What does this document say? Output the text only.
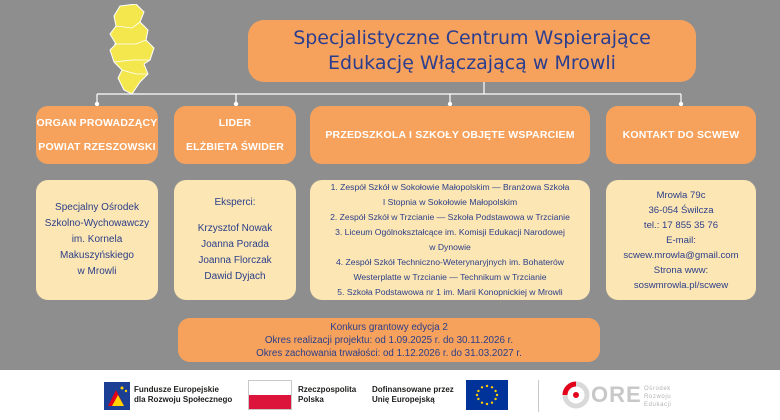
Specjalistyczne Centrum Wspierające
Edukację Włączającą w Mrowli
ORGAN PROWADZĄCY
POWIAT RZESZOWSKI
Specjalny Ośrodek
Szkolno-Wychowawczy
im. Kornela
Makuszyńskiego
w Mrowli
LIDER
ELŻBIETA ŚWIDER
Eksperci:
Krzysztof Nowak
Joanna Porada
Joanna Florczak
Dawid Dyjach
PRZEDSZKOLA I SZKOŁY OBJĘTE WSPARCIEM
1. Zespół Szkół w Sokołowie Małopolskim — Branżowa Szkoła
I Stopnia w Sokołowie Małopolskim
2. Zespół Szkół w Trzcianie — Szkoła Podstawowa w Trzcianie
3. Liceum Ogólnokształcące im. Komisji Edukacji Narodowej
w Dynowie
4. Zespół Szkół Techniczno-Weterynaryjnych im. Bohaterów
Westerplatte w Trzcianie — Technikum w Trzcianie
5. Szkoła Podstawowa nr 1 im. Marii Konopnickiej w Mrowli
KONTAKT DO SCWEW
Mrowla 79c
36-054 Świlcza
tel.: 17 855 35 76
E-mail:
scwew.mrowla@gmail.com
Strona www:
soswmrowla.pl/scwew
Konkurs grantowy edycja 2
Okres realizacji projektu: od 1.09.2025 r. do 30.11.2026 r.
Okres zachowania trwałości: od 1.12.2026 r. do 31.03.2027 r.
Fundusze Europejskie
dla Rozwoju Społecznego
Rzeczpospolita
Polska
Dofinansowane przez
Unię Europejską	ORE Ośrodek
Rozwoju
Edukacji
